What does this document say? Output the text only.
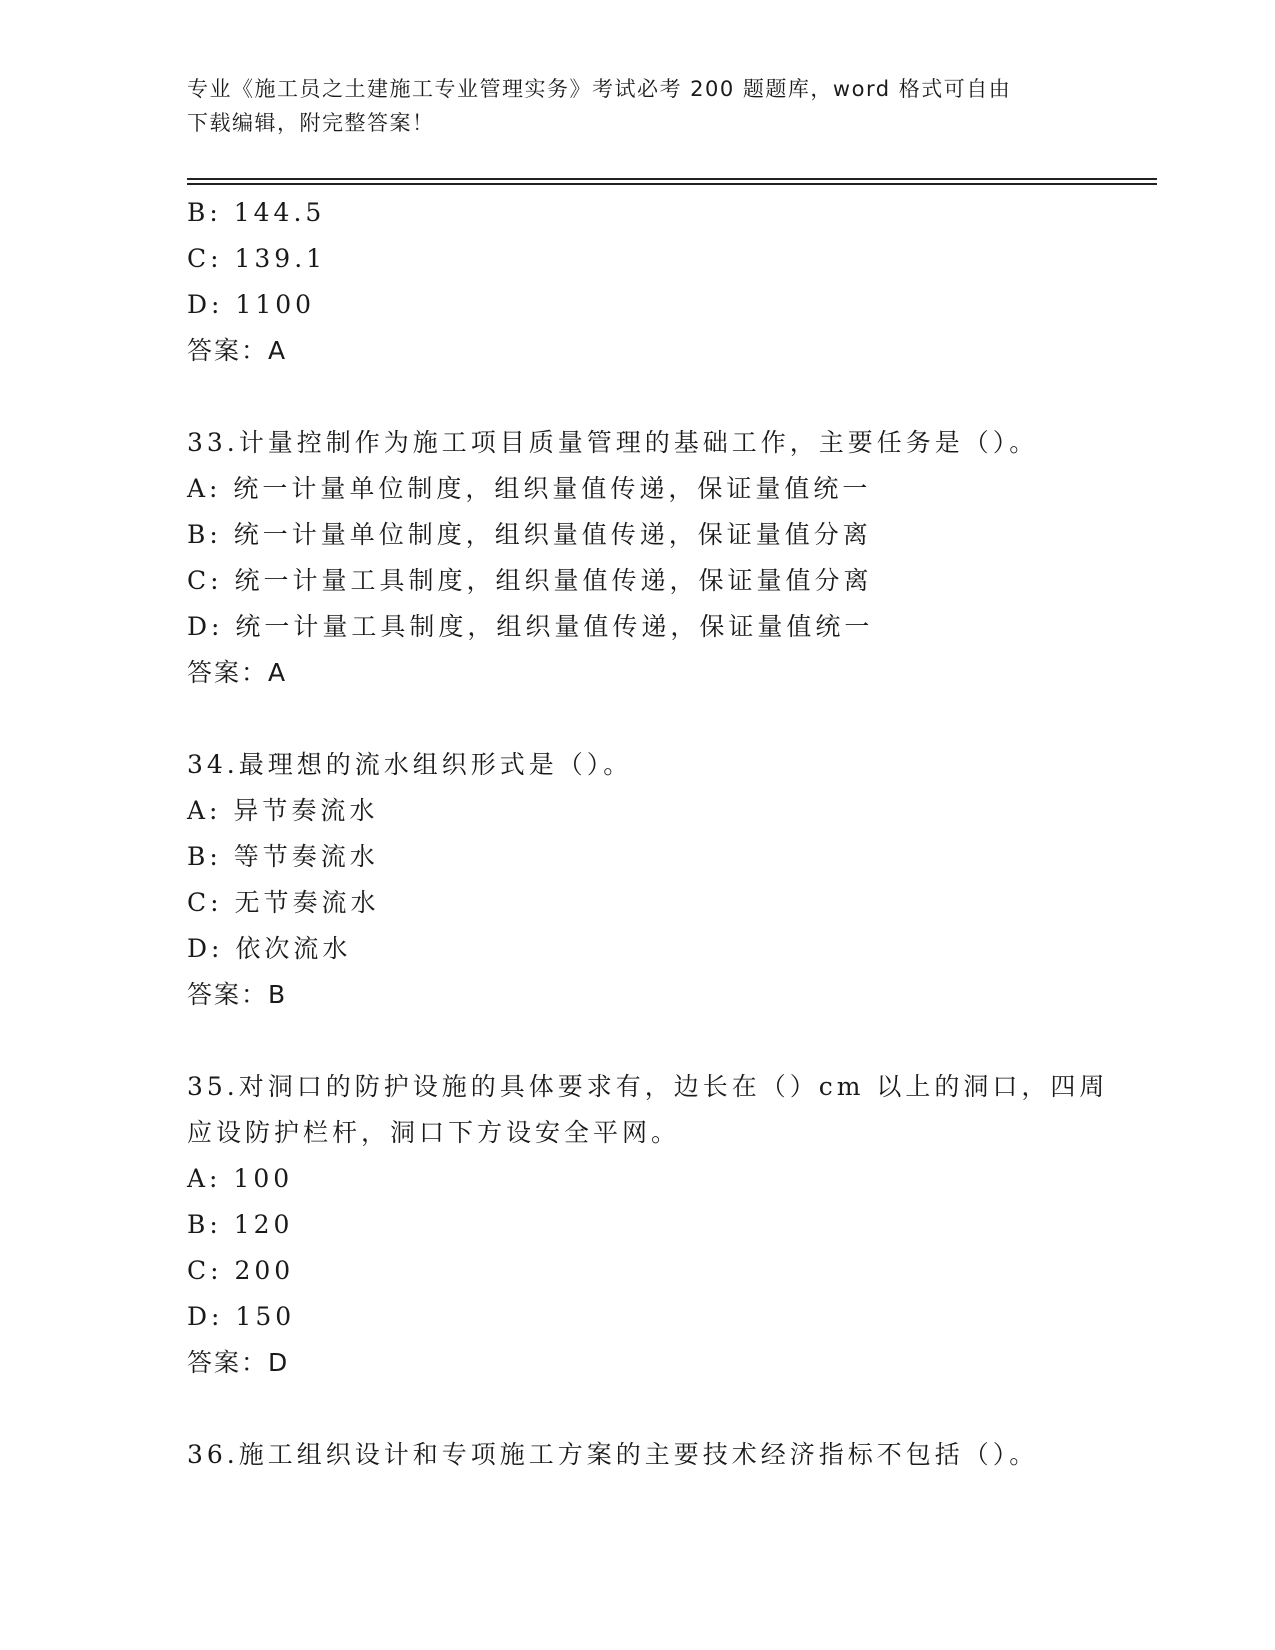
专业《施工员之土建施工专业管理实务》考试必考 200 题题库，word 格式可自由
下载编辑，附完整答案！
B: 144.5
C: 139.1
D: 1100
答案：A
33.计量控制作为施工项目质量管理的基础工作，主要任务是（）。
A: 统一计量单位制度，组织量值传递，保证量值统一
B: 统一计量单位制度，组织量值传递，保证量值分离
C: 统一计量工具制度，组织量值传递，保证量值分离
D: 统一计量工具制度，组织量值传递，保证量值统一
答案：A
34.最理想的流水组织形式是（）。
A: 异节奏流水
B: 等节奏流水
C: 无节奏流水
D: 依次流水
答案：B
35.对洞口的防护设施的具体要求有，边长在（）cm 以上的洞口，四周
应设防护栏杆，洞口下方设安全平网。
A: 100
B: 120
C: 200
D: 150
答案：D
36.施工组织设计和专项施工方案的主要技术经济指标不包括（）。
